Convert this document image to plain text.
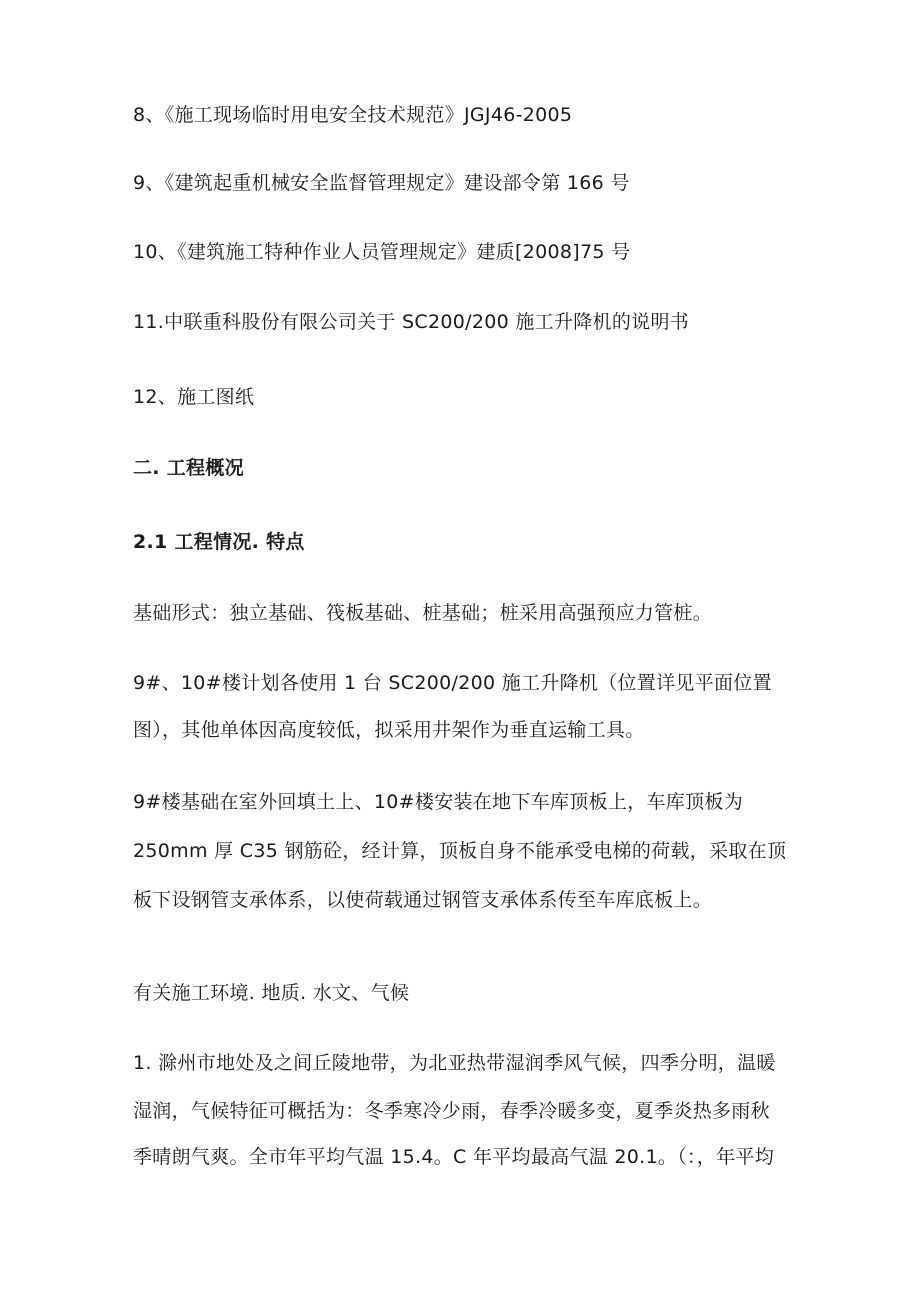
8、《施工现场临时用电安全技术规范》JGJ46-2005
9、《建筑起重机械安全监督管理规定》建设部令第 166 号
10、《建筑施工特种作业人员管理规定》建质[2008]75 号
11.中联重科股份有限公司关于 SC200/200 施工升降机的说明书
12、施工图纸
二. 工程概况
2.1 工程情况. 特点
基础形式：独立基础、筏板基础、桩基础；桩采用高强预应力管桩。
9#、10#楼计划各使用 1 台 SC200/200 施工升降机（位置详见平面位置
图），其他单体因高度较低，拟采用井架作为垂直运输工具。
9#楼基础在室外回填土上、10#楼安装在地下车库顶板上，车库顶板为
250mm 厚 C35 钢筋砼，经计算，顶板自身不能承受电梯的荷载，采取在顶
板下设钢管支承体系，以使荷载通过钢管支承体系传至车库底板上。
有关施工环境. 地质. 水文、气候
1. 滁州市地处及之间丘陵地带，为北亚热带湿润季风气候，四季分明，温暖
湿润，气候特征可概括为：冬季寒冷少雨，春季冷暖多变，夏季炎热多雨秋
季晴朗气爽。全市年平均气温 15.4。C 年平均最高气温 20.1。（：，年平均
